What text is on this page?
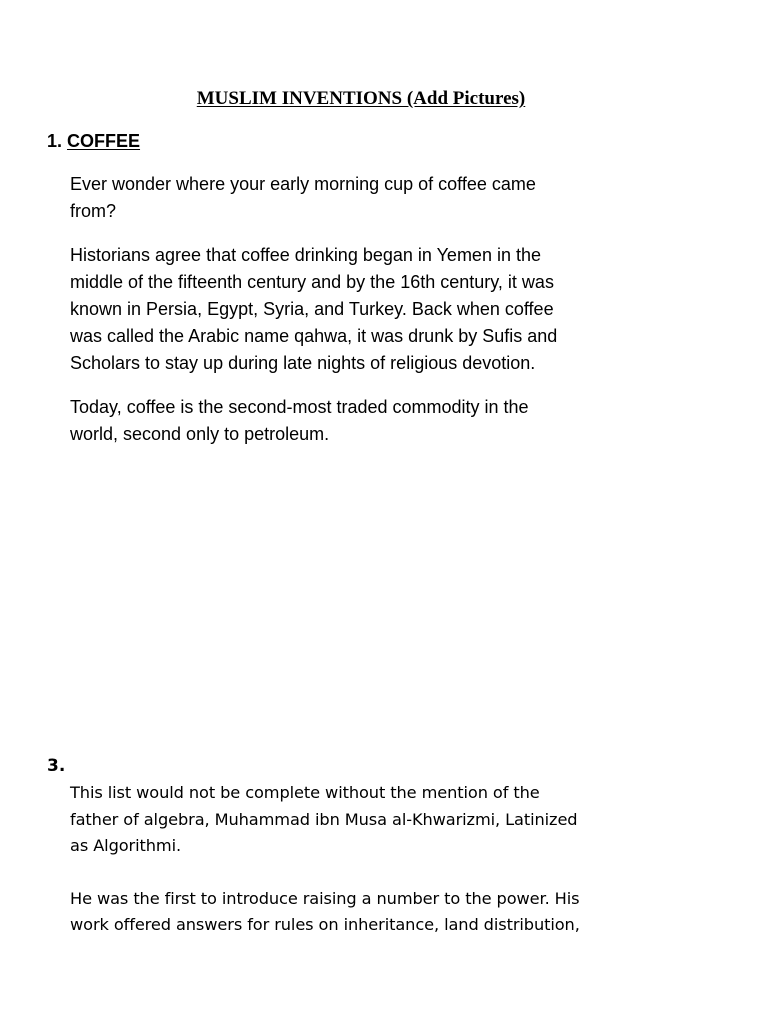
MUSLIM INVENTIONS (Add Pictures)
1. COFFEE

Ever wonder where your early morning cup of coffee came
from?

Historians agree that coffee drinking began in Yemen in the
middle of the fifteenth century and by the 16th century, it was
known in Persia, Egypt, Syria, and Turkey. Back when coffee
was called the Arabic name qahwa, it was drunk by Sufis and
Scholars to stay up during late nights of religious devotion.

Today, coffee is the second-most traded commodity in the
world, second only to petroleum.

3.

This list would not be complete without the mention of the
father of algebra, Muhammad ibn Musa al-Khwarizmi, Latinized
as Algorithmi.

He was the first to introduce raising a number to the power. His
work offered answers for rules on inheritance, land distribution,
